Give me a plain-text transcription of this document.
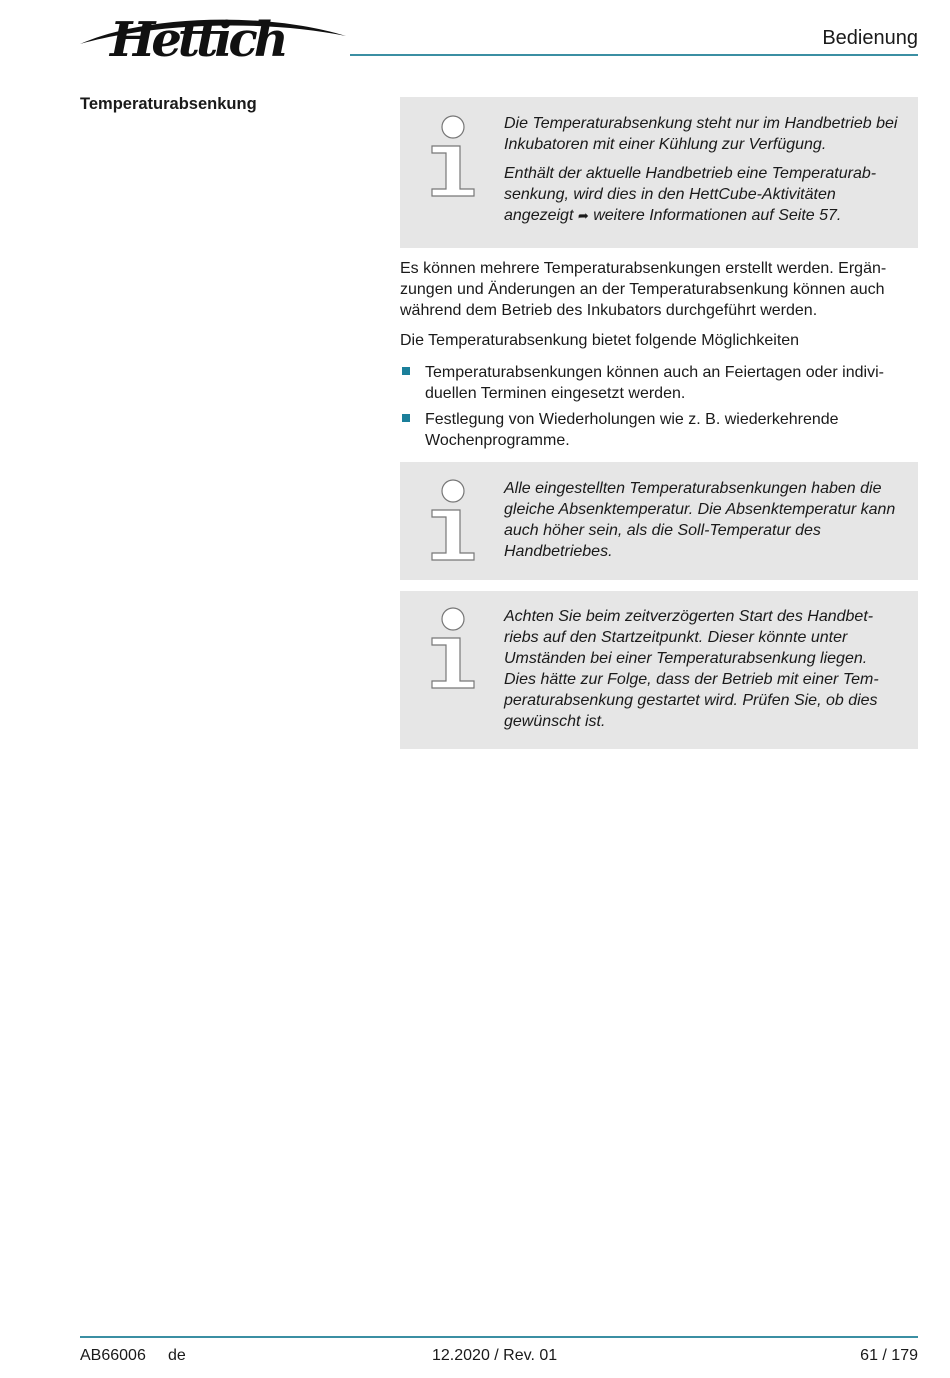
Hettich	Bedienung
Temperaturabsenkung

Die Temperaturabsenkung steht nur im Handbetrieb bei Inkubatoren mit einer Kühlung zur Verfügung.

Enthält der aktuelle Handbetrieb eine Temperaturab-senkung, wird dies in den HettCube-Aktivitäten angezeigt ➦ weitere Informationen auf Seite 57.

Es können mehrere Temperaturabsenkungen erstellt werden. Ergän-zungen und Änderungen an der Temperaturabsenkung können auch während dem Betrieb des Inkubators durchgeführt werden.

Die Temperaturabsenkung bietet folgende Möglichkeiten

Temperaturabsenkungen können auch an Feiertagen oder indivi-duellen Terminen eingesetzt werden.
Festlegung von Wiederholungen wie z. B. wiederkehrende Wochenprogramme.

Alle eingestellten Temperaturabsenkungen haben die gleiche Absenktemperatur. Die Absenktemperatur kann auch höher sein, als die Soll-Temperatur des Handbetriebes.

Achten Sie beim zeitverzögerten Start des Handbet-riebs auf den Startzeitpunkt. Dieser könnte unter Umständen bei einer Temperaturabsenkung liegen. Dies hätte zur Folge, dass der Betrieb mit einer Tem-peraturabsenkung gestartet wird. Prüfen Sie, ob dies gewünscht ist.

AB66006 de	12.2020 / Rev. 01	61 / 179
